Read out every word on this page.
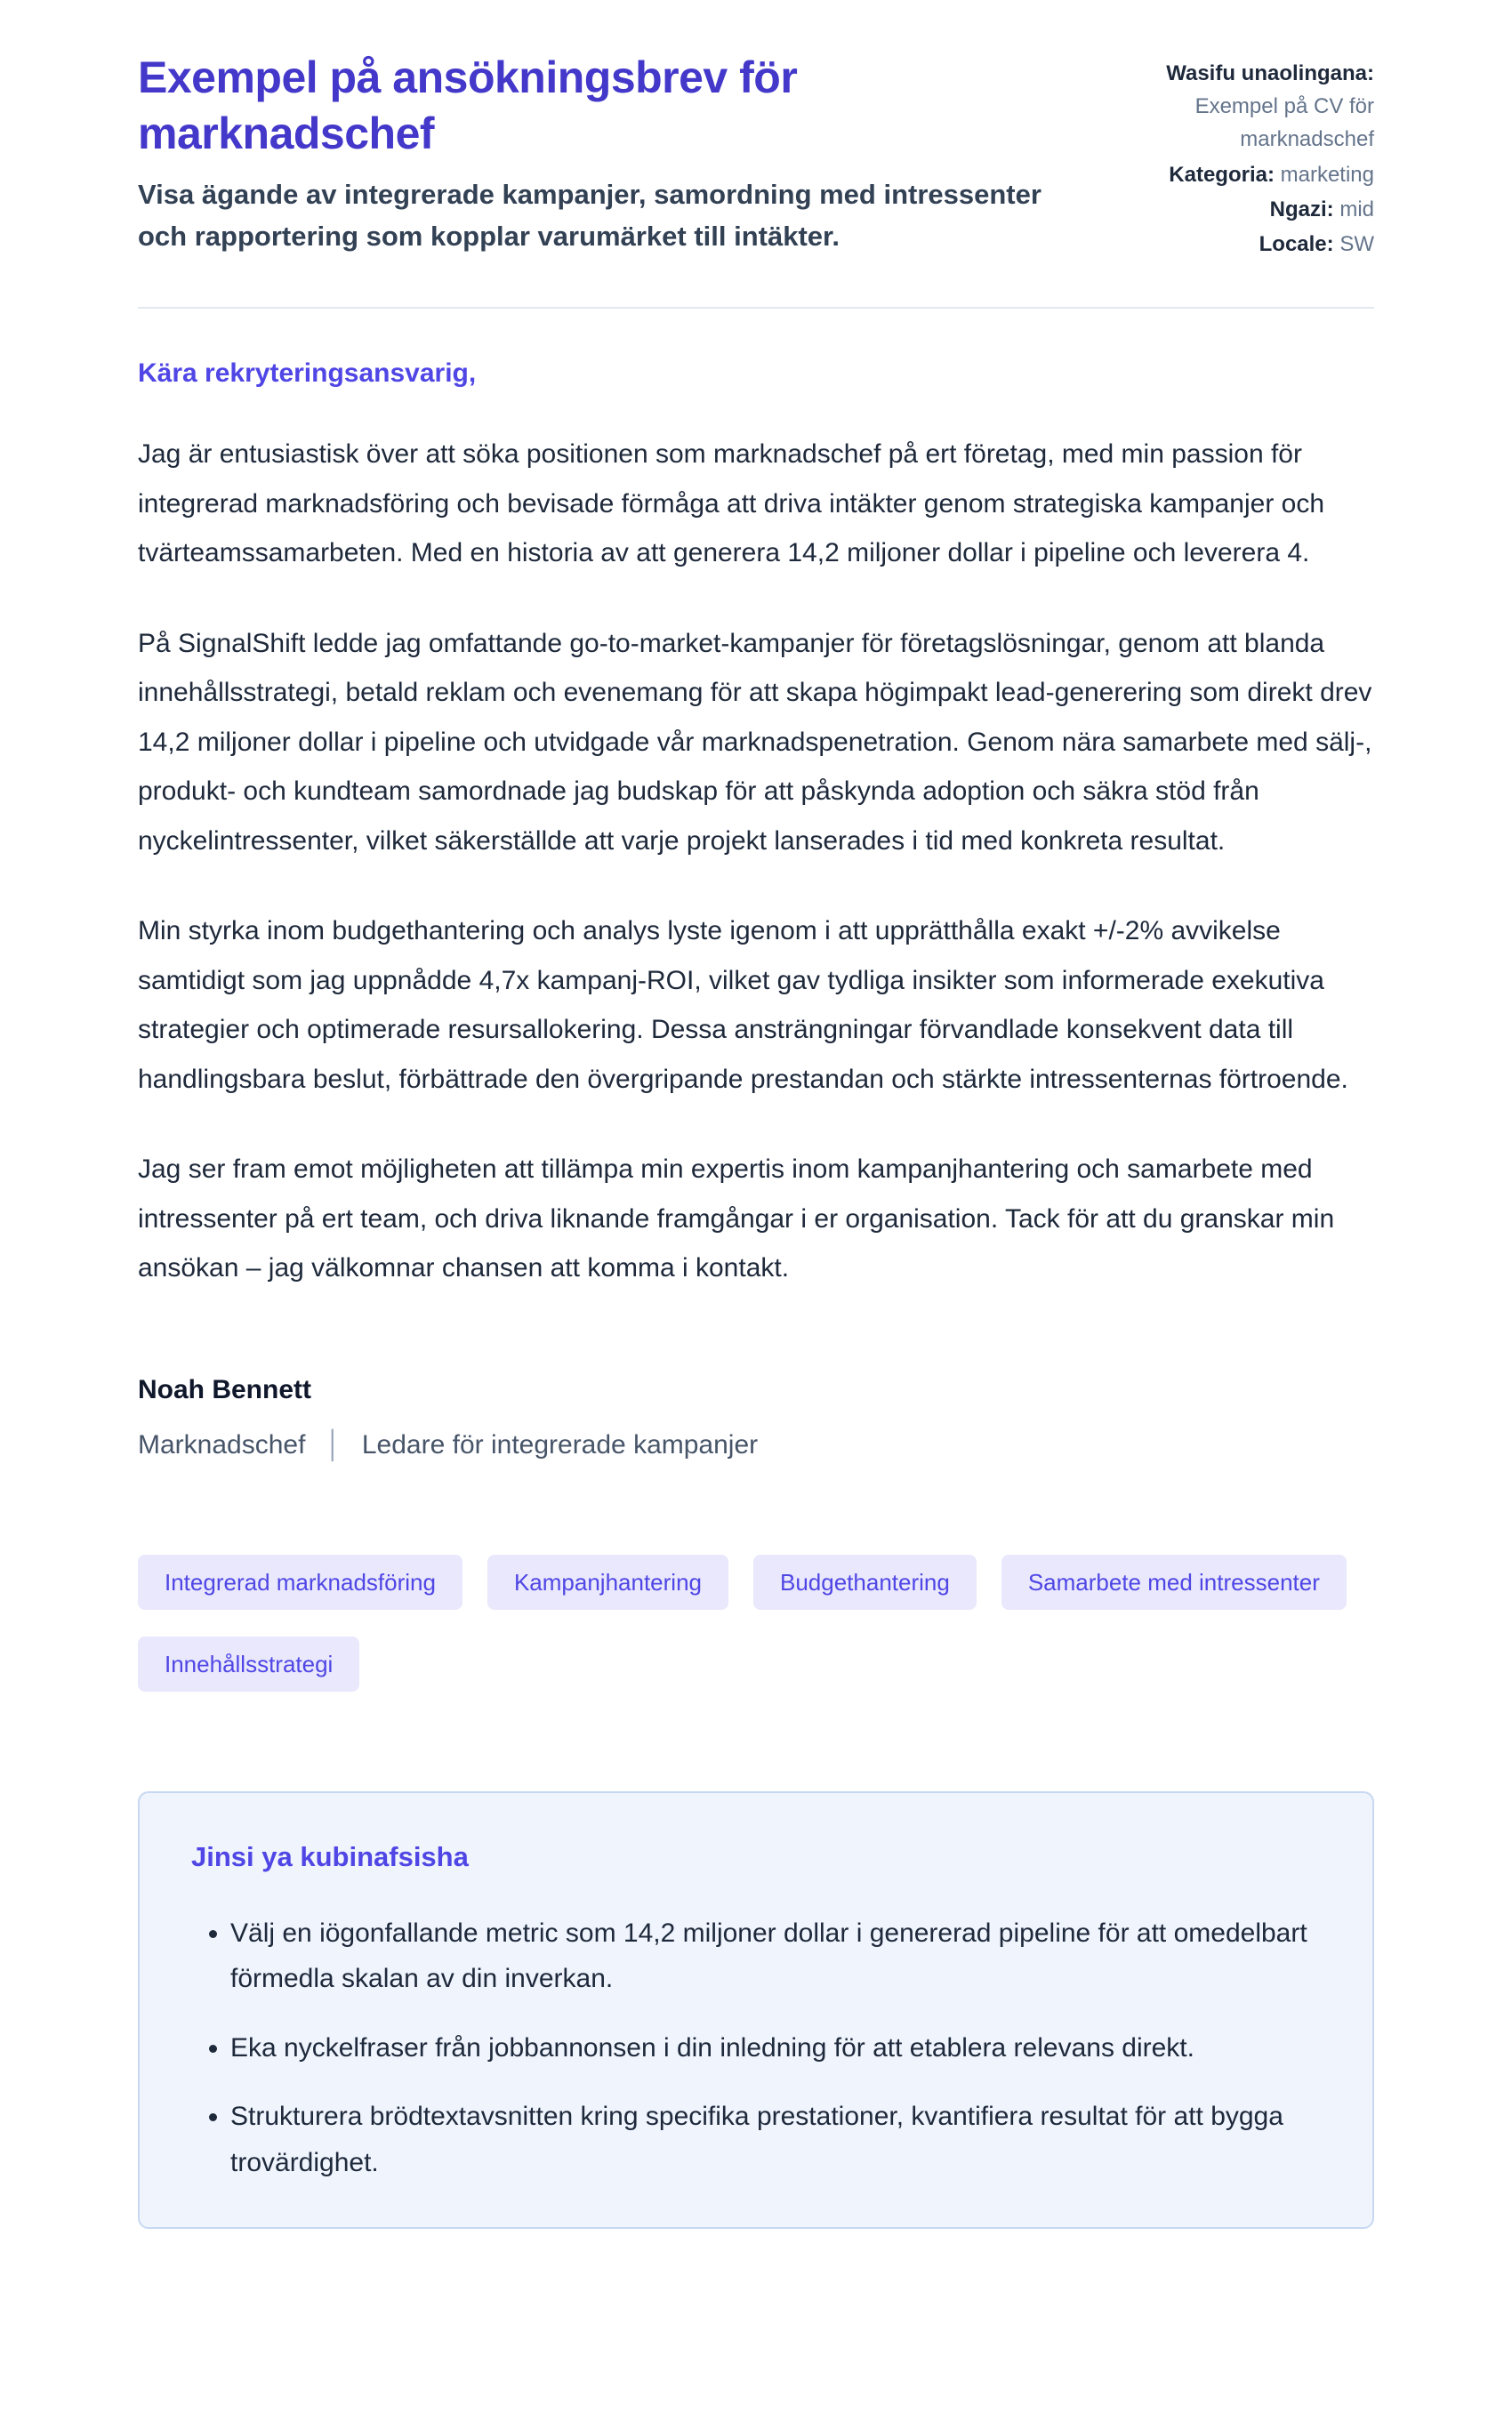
Exempel på ansökningsbrev för marknadschef

Visa ägande av integrerade kampanjer, samordning med intressenter och rapportering som kopplar varumärket till intäkter.

Wasifu unaolingana: Exempel på CV för marknadschef
Kategoria: marketing
Ngazi: mid
Locale: SW

Kära rekryteringsansvarig,

Jag är entusiastisk över att söka positionen som marknadschef på ert företag, med min passion för integrerad marknadsföring och bevisade förmåga att driva intäkter genom strategiska kampanjer och tvärteamssamarbeten. Med en historia av att generera 14,2 miljoner dollar i pipeline och leverera 4.

På SignalShift ledde jag omfattande go-to-market-kampanjer för företagslösningar, genom att blanda innehållsstrategi, betald reklam och evenemang för att skapa högimpakt lead-generering som direkt drev 14,2 miljoner dollar i pipeline och utvidgade vår marknadspenetration. Genom nära samarbete med sälj-, produkt- och kundteam samordnade jag budskap för att påskynda adoption och säkra stöd från nyckelintressenter, vilket säkerställde att varje projekt lanserades i tid med konkreta resultat.

Min styrka inom budgethantering och analys lyste igenom i att upprätthålla exakt +/-2% avvikelse samtidigt som jag uppnådde 4,7x kampanj-ROI, vilket gav tydliga insikter som informerade exekutiva strategier och optimerade resursallokering. Dessa ansträngningar förvandlade konsekvent data till handlingsbara beslut, förbättrade den övergripande prestandan och stärkte intressenternas förtroende.

Jag ser fram emot möjligheten att tillämpa min expertis inom kampanjhantering och samarbete med intressenter på ert team, och driva liknande framgångar i er organisation. Tack för att du granskar min ansökan – jag välkomnar chansen att komma i kontakt.

Noah Bennett

Marknadschef │ Ledare för integrerade kampanjer

Integrerad marknadsföring	Kampanjhantering	Budgethantering	Samarbete med intressenter
Innehållsstrategi
Jinsi ya kubinafsisha
• Välj en iögonfallande metric som 14,2 miljoner dollar i genererad pipeline för att omedelbart förmedla skalan av din inverkan.
• Eka nyckelfraser från jobbannonsen i din inledning för att etablera relevans direkt.
• Strukturera brödtextavsnitten kring specifika prestationer, kvantifiera resultat för att bygga trovärdighet.
